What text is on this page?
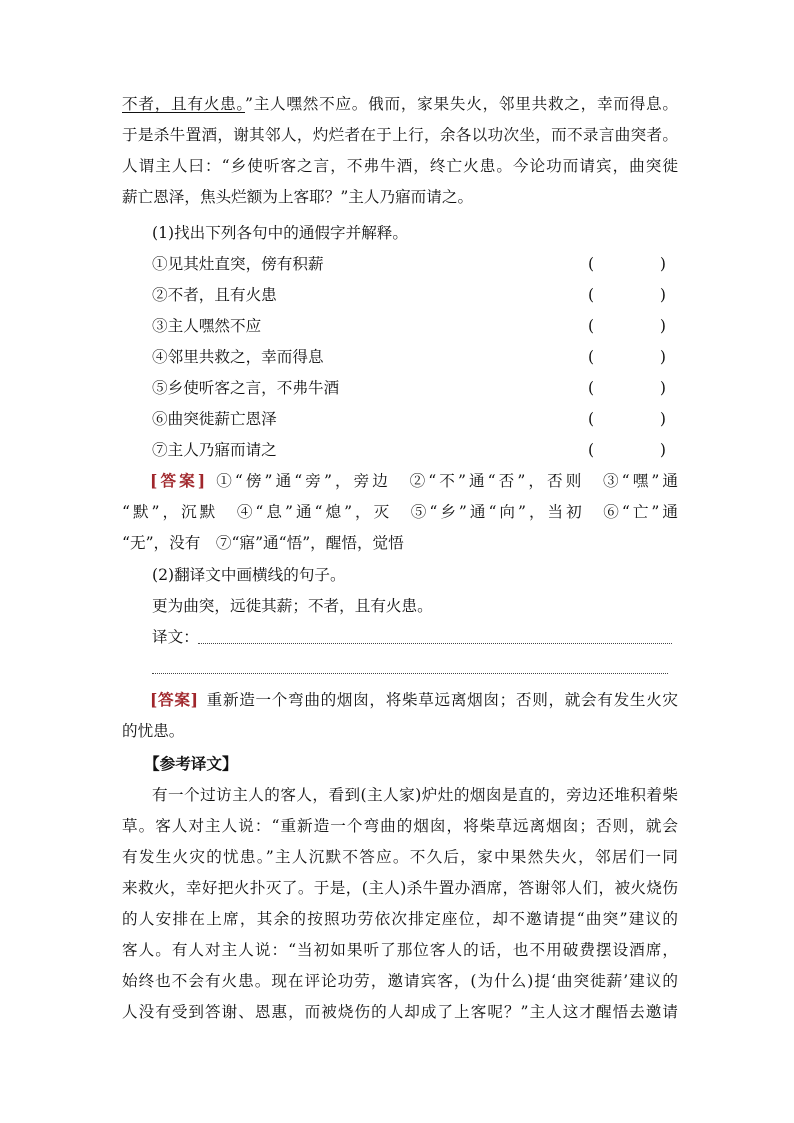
不者，且有火患。”主人嘿然不应。俄而，家果失火，邻里共救之，幸而得息。
于是杀牛置酒，谢其邻人，灼烂者在于上行，余各以功次坐，而不录言曲突者。
人谓主人曰：“乡使听客之言，不弗牛酒，终亡火患。今论功而请宾，曲突徙
薪亡恩泽，焦头烂额为上客耶？”主人乃寤而请之。
(1)找出下列各句中的通假字并解释。
①见其灶直突，傍有积薪	(	)
②不者，且有火患	(	)
③主人嘿然不应	(	)
④邻里共救之，幸而得息	(	)
⑤乡使听客之言，不弗牛酒	(	)
⑥曲突徙薪亡恩泽	(	)
⑦主人乃寤而请之	(	)
[答案] ①“傍”通“旁”，旁边　②“不”通“否”，否则　③“嘿”通
“默”，沉默　④“息”通“熄”，灭　⑤“乡”通“向”，当初　⑥“亡”通
“无”，没有　⑦“寤”通“悟”，醒悟，觉悟
(2)翻译文中画横线的句子。
更为曲突，远徙其薪；不者，且有火患。
译文：
[答案] 重新造一个弯曲的烟囱，将柴草远离烟囱；否则，就会有发生火灾
的忧患。
【参考译文】
有一个过访主人的客人，看到(主人家)炉灶的烟囱是直的，旁边还堆积着柴
草。客人对主人说：“重新造一个弯曲的烟囱，将柴草远离烟囱；否则，就会
有发生火灾的忧患。”主人沉默不答应。不久后，家中果然失火，邻居们一同
来救火，幸好把火扑灭了。于是，(主人)杀牛置办酒席，答谢邻人们，被火烧伤
的人安排在上席，其余的按照功劳依次排定座位，却不邀请提“曲突”建议的
客人。有人对主人说：“当初如果听了那位客人的话，也不用破费摆设酒席，
始终也不会有火患。现在评论功劳，邀请宾客，(为什么)提‘曲突徙薪’建议的
人没有受到答谢、恩惠，而被烧伤的人却成了上客呢？”主人这才醒悟去邀请
